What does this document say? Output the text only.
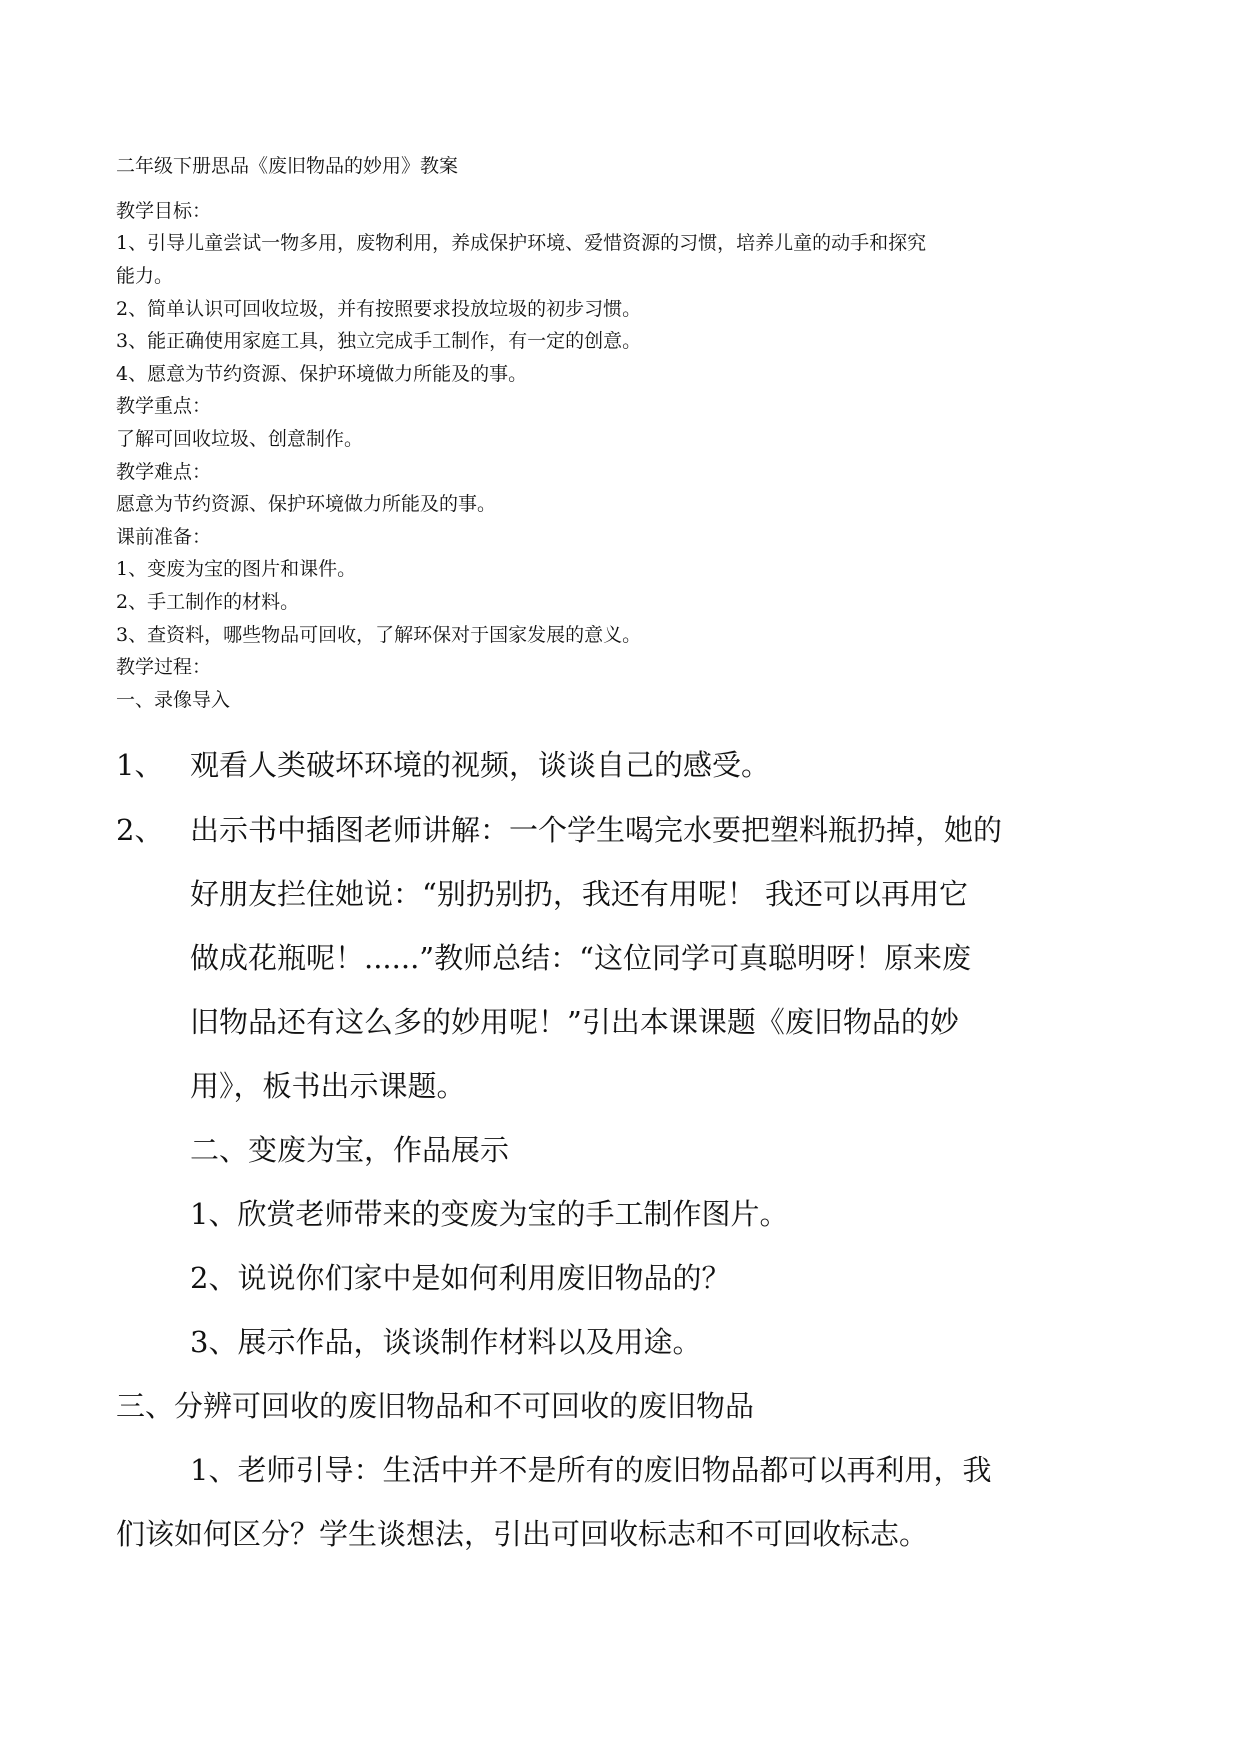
二年级下册思品《废旧物品的妙用》教案

教学目标：

1、引导儿童尝试一物多用，废物利用，养成保护环境、爱惜资源的习惯，培养儿童的动手和探究

能力。

2、简单认识可回收垃圾，并有按照要求投放垃圾的初步习惯。

3、能正确使用家庭工具，独立完成手工制作，有一定的创意。

4、愿意为节约资源、保护环境做力所能及的事。

教学重点：

了解可回收垃圾、创意制作。

教学难点：

愿意为节约资源、保护环境做力所能及的事。

课前准备：

1、变废为宝的图片和课件。

2、手工制作的材料。

3、查资料，哪些物品可回收，了解环保对于国家发展的意义。

教学过程：

一、录像导入

1、 观看人类破坏环境的视频，谈谈自己的感受。

2、 出示书中插图老师讲解：一个学生喝完水要把塑料瓶扔掉，她的

好朋友拦住她说：“别扔别扔，我还有用呢！ 我还可以再用它

做成花瓶呢！......”教师总结：“这位同学可真聪明呀！原来废

旧物品还有这么多的妙用呢！”引出本课课题《废旧物品的妙

用》，板书出示课题。

二、变废为宝，作品展示

1、欣赏老师带来的变废为宝的手工制作图片。

2、说说你们家中是如何利用废旧物品的？

3、展示作品，谈谈制作材料以及用途。

三、分辨可回收的废旧物品和不可回收的废旧物品

1、老师引导：生活中并不是所有的废旧物品都可以再利用，我

们该如何区分？学生谈想法，引出可回收标志和不可回收标志。
